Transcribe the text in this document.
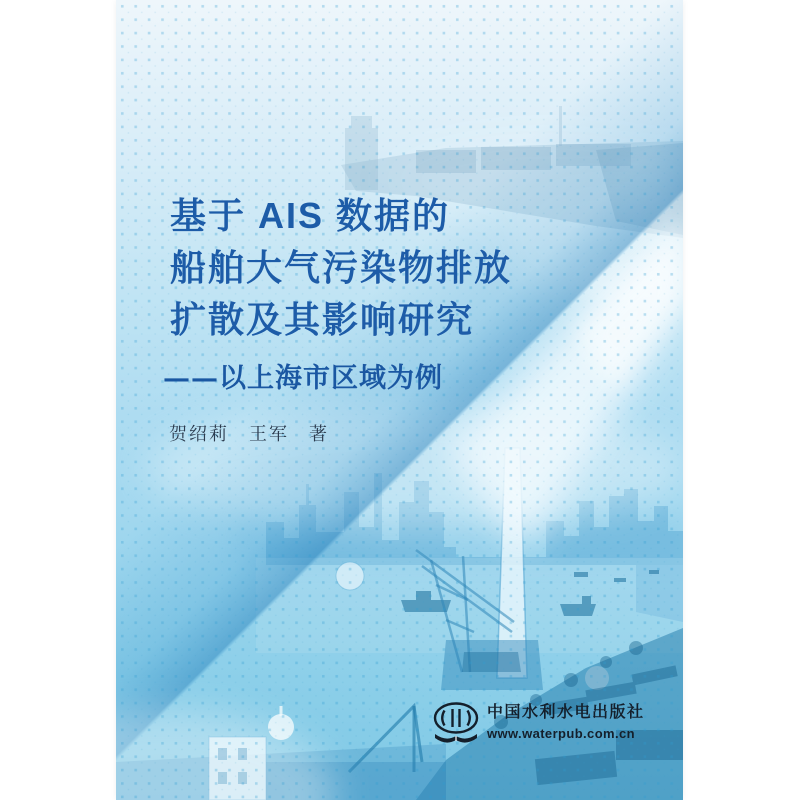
基于 AIS 数据的
船舶大气污染物排放
扩散及其影响研究
——以上海市区域为例
贺绍莉　王军　著
中国水利水电出版社
www.waterpub.com.cn
